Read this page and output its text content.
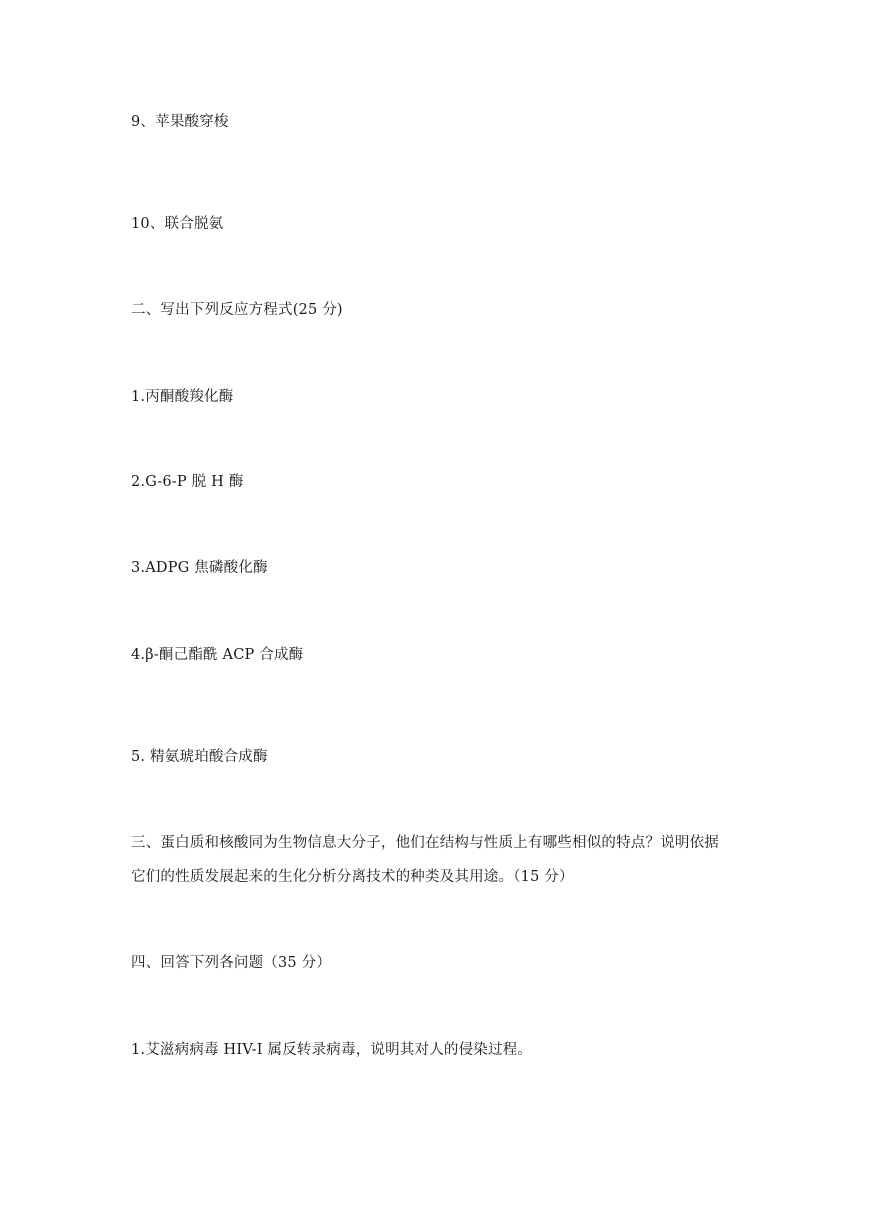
9、苹果酸穿梭
10、联合脱氨
二、写出下列反应方程式(25 分)
1.丙酮酸羧化酶
2.G-6-P 脱 H 酶
3.ADPG 焦磷酸化酶
4.β-酮己酯酰 ACP 合成酶
5. 精氨琥珀酸合成酶
三、蛋白质和核酸同为生物信息大分子，他们在结构与性质上有哪些相似的特点？说明依据
它们的性质发展起来的生化分析分离技术的种类及其用途。（15 分）
四、回答下列各问题（35 分）
1.艾滋病病毒 HIV-I 属反转录病毒，说明其对人的侵染过程。
